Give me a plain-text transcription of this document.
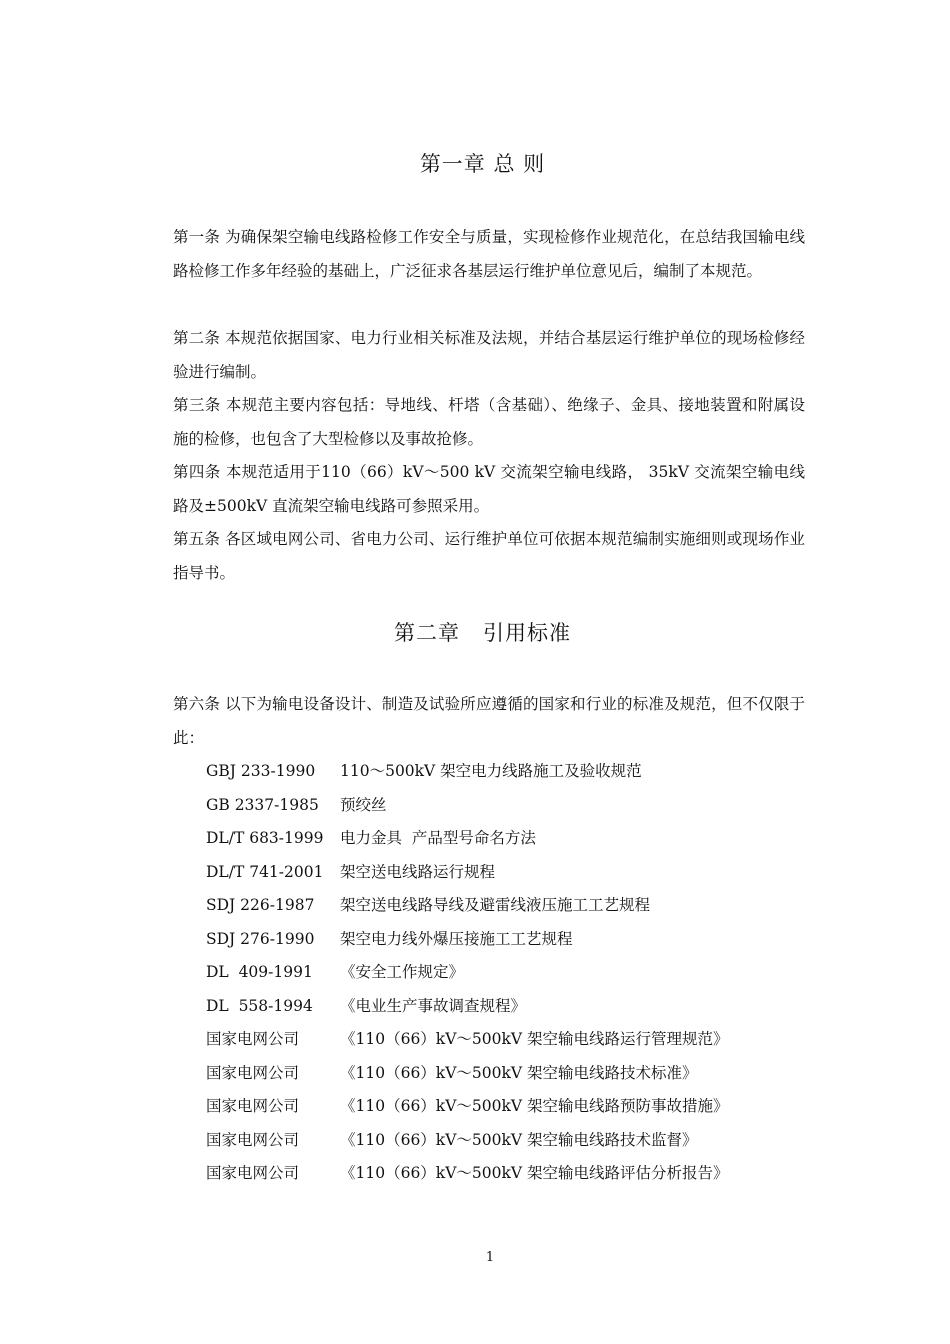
第一章 总 则

第一条 为确保架空输电线路检修工作安全与质量，实现检修作业规范化，在总结我国输电线路检修工作多年经验的基础上，广泛征求各基层运行维护单位意见后，编制了本规范。

第二条 本规范依据国家、电力行业相关标准及法规，并结合基层运行维护单位的现场检修经验进行编制。

第三条 本规范主要内容包括：导地线、杆塔（含基础）、绝缘子、金具、接地装置和附属设施的检修，也包含了大型检修以及事故抢修。

第四条 本规范适用于110（66）kV～500 kV 交流架空输电线路， 35kV 交流架空输电线路及±500kV 直流架空输电线路可参照采用。

第五条 各区域电网公司、省电力公司、运行维护单位可依据本规范编制实施细则或现场作业指导书。

第二章   引用标准

第六条 以下为输电设备设计、制造及试验所应遵循的国家和行业的标准及规范，但不仅限于此：

GBJ 233-1990 110～500kV 架空电力线路施工及验收规范
GB 2337-1985 预绞丝
DL/T 683-1999 电力金具  产品型号命名方法
DL/T 741-2001 架空送电线路运行规程
SDJ 226-1987 架空送电线路导线及避雷线液压施工工艺规程
SDJ 276-1990 架空电力线外爆压接施工工艺规程
DL  409-1991 《安全工作规定》
DL  558-1994 《电业生产事故调查规程》
国家电网公司	《110（66）kV～500kV 架空输电线路运行管理规范》
国家电网公司	《110（66）kV～500kV 架空输电线路技术标准》
国家电网公司	《110（66）kV～500kV 架空输电线路预防事故措施》
国家电网公司	《110（66）kV～500kV 架空输电线路技术监督》
国家电网公司	《110（66）kV～500kV 架空输电线路评估分析报告》
1
